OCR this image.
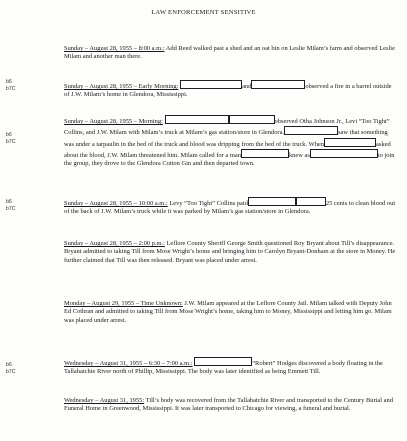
LAW ENFORCEMENT SENSITIVE
b6
b7C
b6
b7C
b6
b7C
b6
b7C
Sunday – August 28, 1955 – 8:00 a.m.: Add Reed walked past a shed and an oat bin on Leslie Milam’s farm and observed Leslie Milam and another man there.
Sunday – August 28, 1955 – Early Morning:	and	observed a fire in a barrel outside of J.W. Milam’s home in Glendora, Mississippi.
Sunday – August 28, 1955 – Morning:	observed Otha Johnson Jr., Levi “Too Tight” Collins, and J.W. Milam with Milam’s truck at Milam’s gas station/store in Glendora.	saw that something was under a tarpaulin in the bed of the truck and blood was dripping from the bed of the truck. When	asked about the blood, J.W. Milam threatened him. Milam called for a man	knew as	to join the group, they drove to the Glendora Cotton Gin and then departed town.
Sunday – August 28, 1955 – 10:00 a.m.: Levy “Too Tight” Collins paid	25 cents to clean blood out of the back of J.W. Milam’s truck while it was parked by Milam’s gas station/store in Glendora.
Sunday – August 28, 1955 – 2:00 p.m.: Leflore County Sheriff George Smith questioned Roy Bryant about Till’s disappearance. Bryant admitted to taking Till from Mose Wright’s home and bringing him to Carolyn Bryant-Donham at the store in Money. He further claimed that Till was then released. Bryant was placed under arrest.
Monday – August 29, 1955 – Time Unknown: J.W. Milam appeared at the Leflore County Jail. Milam talked with Deputy John Ed Cothran and admitted to taking Till from Mose Wright’s home, taking him to Money, Mississippi and letting him go. Milam was placed under arrest.
Wednesday – August 31, 1955 – 6:30 – 7:00 a.m.:	“Robert” Hodges discovered a body floating in the Tallahatchie River north of Phillip, Mississippi. The body was later identified as being Emmett Till.
Wednesday – August 31, 1955: Till’s body was recovered from the Tallahatchie River and transported to the Century Burial and Funeral Home in Greenwood, Mississippi. It was later transported to Chicago for viewing, a funeral and burial.
